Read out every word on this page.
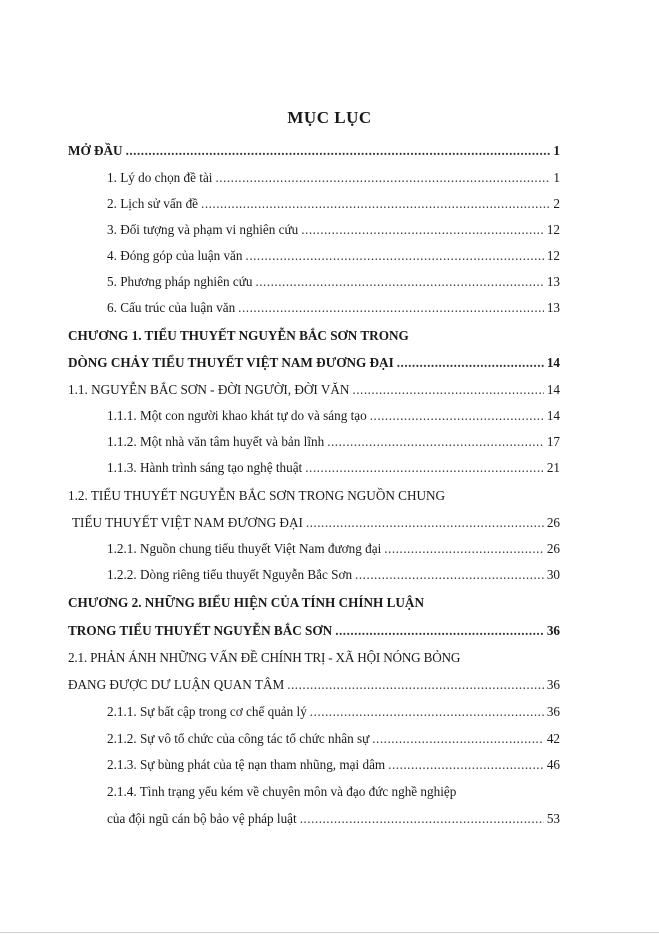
MỤC LỤC
MỞ ĐẦU .....	1
1. Lý do chọn đề tài .....	1
2. Lịch sử vấn đề .....	2
3. Đối tượng và phạm vi nghiên cứu .....	12
4. Đóng góp của luận văn .....	12
5. Phương pháp nghiên cứu .....	13
6. Cấu trúc của luận văn .....	13
CHƯƠNG 1. TIỂU THUYẾT NGUYỄN BẮC SƠN TRONG
DÒNG CHẢY TIỂU THUYẾT VIỆT NAM ĐƯƠNG ĐẠI .....	14
1.1. NGUYỄN BẮC SƠN - ĐỜI NGƯỜI, ĐỜI VĂN .....	14
1.1.1. Một con người khao khát tự do và sáng tạo .....	14
1.1.2. Một nhà văn tâm huyết và bản lĩnh .....	17
1.1.3. Hành trình sáng tạo nghệ thuật .....	21
1.2. TIỂU THUYẾT NGUYỄN BẮC SƠN TRONG NGUỒN CHUNG
TIỂU THUYẾT VIỆT NAM ĐƯƠNG ĐẠI .....	26
1.2.1. Nguồn chung tiểu thuyết Việt Nam đương đại .....	26
1.2.2. Dòng riêng tiểu thuyết Nguyễn Bắc Sơn .....	30
CHƯƠNG 2. NHỮNG BIỂU HIỆN CỦA TÍNH CHÍNH LUẬN
TRONG TIỂU THUYẾT NGUYỄN BẮC SƠN .....	36
2.1. PHẢN ÁNH NHỮNG VẤN ĐỀ CHÍNH TRỊ - XÃ HỘI NÓNG BỎNG
ĐANG ĐƯỢC DƯ LUẬN QUAN TÂM .....	36
2.1.1. Sự bất cập trong cơ chế quản lý .....	36
2.1.2. Sự vô tổ chức của công tác tổ chức nhân sự .....	42
2.1.3. Sự bùng phát của tệ nạn tham nhũng, mại dâm .....	46
2.1.4. Tình trạng yếu kém về chuyên môn và đạo đức nghề nghiệp
của đội ngũ cán bộ bảo vệ pháp luật .....	53
